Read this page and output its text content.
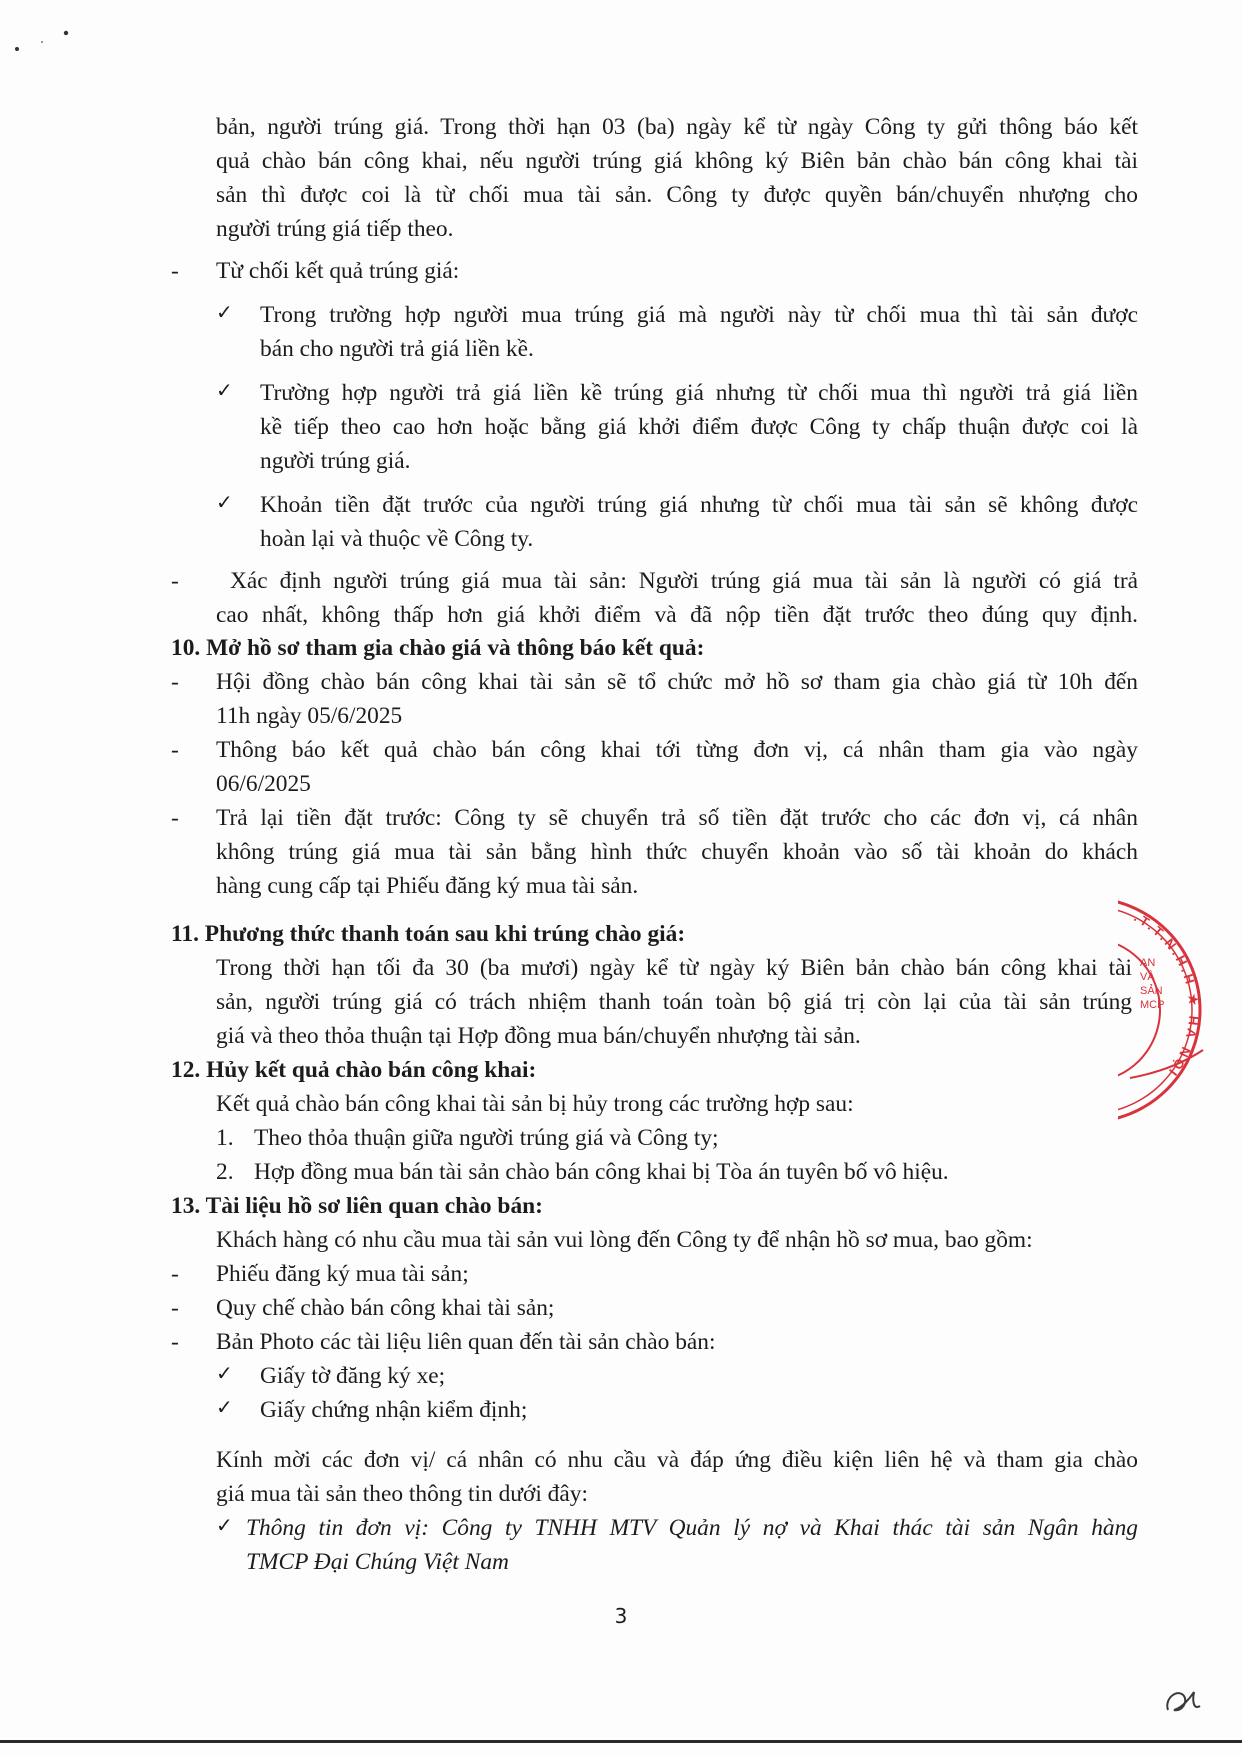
bản, người trúng giá. Trong thời hạn 03 (ba) ngày kể từ ngày Công ty gửi thông báo kết
quả chào bán công khai, nếu người trúng giá không ký Biên bản chào bán công khai tài
sản thì được coi là từ chối mua tài sản. Công ty được quyền bán/chuyển nhượng cho
người trúng giá tiếp theo.
- Từ chối kết quả trúng giá:
✓ Trong trường hợp người mua trúng giá mà người này từ chối mua thì tài sản được
bán cho người trả giá liền kề.
✓ Trường hợp người trả giá liền kề trúng giá nhưng từ chối mua thì người trả giá liền
kề tiếp theo cao hơn hoặc bằng giá khởi điểm được Công ty chấp thuận được coi là
người trúng giá.
✓ Khoản tiền đặt trước của người trúng giá nhưng từ chối mua tài sản sẽ không được
hoàn lại và thuộc về Công ty.
- Xác định người trúng giá mua tài sản: Người trúng giá mua tài sản là người có giá trả
cao nhất, không thấp hơn giá khởi điểm và đã nộp tiền đặt trước theo đúng quy định.
10. Mở hồ sơ tham gia chào giá và thông báo kết quả:
- Hội đồng chào bán công khai tài sản sẽ tổ chức mở hồ sơ tham gia chào giá từ 10h đến
11h ngày 05/6/2025
- Thông báo kết quả chào bán công khai tới từng đơn vị, cá nhân tham gia vào ngày
06/6/2025
- Trả lại tiền đặt trước: Công ty sẽ chuyển trả số tiền đặt trước cho các đơn vị, cá nhân
không trúng giá mua tài sản bằng hình thức chuyển khoản vào số tài khoản do khách
hàng cung cấp tại Phiếu đăng ký mua tài sản.
11. Phương thức thanh toán sau khi trúng chào giá:
Trong thời hạn tối đa 30 (ba mươi) ngày kể từ ngày ký Biên bản chào bán công khai tài
sản, người trúng giá có trách nhiệm thanh toán toàn bộ giá trị còn lại của tài sản trúng
giá và theo thỏa thuận tại Hợp đồng mua bán/chuyển nhượng tài sản.
12. Hủy kết quả chào bán công khai:
Kết quả chào bán công khai tài sản bị hủy trong các trường hợp sau:
1. Theo thỏa thuận giữa người trúng giá và Công ty;
2. Hợp đồng mua bán tài sản chào bán công khai bị Tòa án tuyên bố vô hiệu.
13. Tài liệu hồ sơ liên quan chào bán:
Khách hàng có nhu cầu mua tài sản vui lòng đến Công ty để nhận hồ sơ mua, bao gồm:
- Phiếu đăng ký mua tài sản;
- Quy chế chào bán công khai tài sản;
- Bản Photo các tài liệu liên quan đến tài sản chào bán:
✓ Giấy tờ đăng ký xe;
✓ Giấy chứng nhận kiểm định;
Kính mời các đơn vị/ cá nhân có nhu cầu và đáp ứng điều kiện liên hệ và tham gia chào
giá mua tài sản theo thông tin dưới đây:
✓ Thông tin đơn vị: Công ty TNHH MTV Quản lý nợ và Khai thác tài sản Ngân hàng
TMCP Đại Chúng Việt Nam
3
.T.T.N.H.H ★ HÀ NỘI
AN
VÀ
SẢN
MCP
